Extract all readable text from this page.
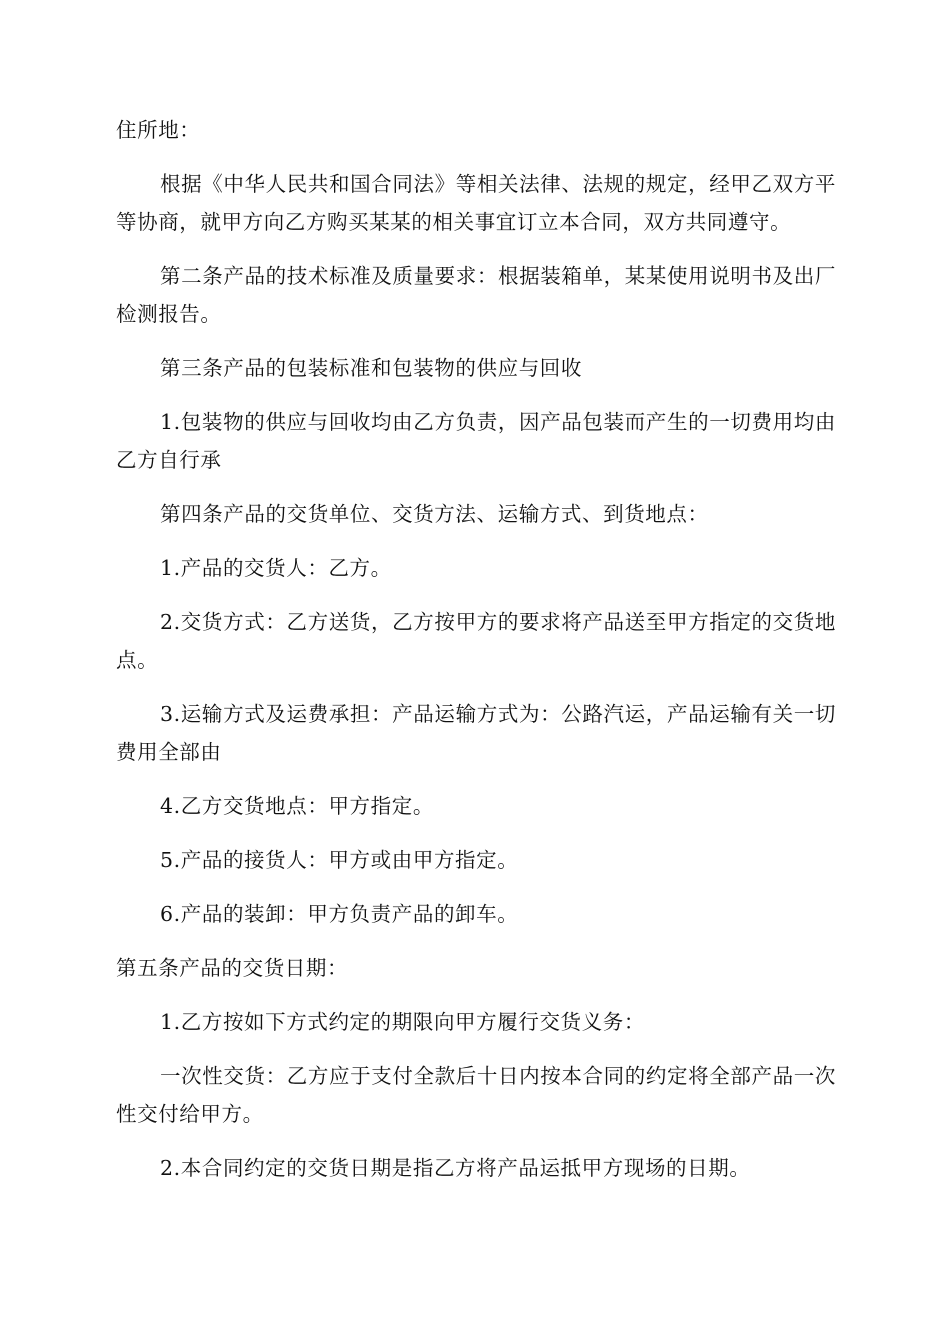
住所地：

根据《中华人民共和国合同法》等相关法律、法规的规定，经甲乙双方平等协商，就甲方向乙方购买某某的相关事宜订立本合同，双方共同遵守。

第二条产品的技术标准及质量要求：根据装箱单，某某使用说明书及出厂检测报告。

第三条产品的包装标准和包装物的供应与回收

1.包装物的供应与回收均由乙方负责，因产品包装而产生的一切费用均由乙方自行承

第四条产品的交货单位、交货方法、运输方式、到货地点：

1.产品的交货人：乙方。

2.交货方式：乙方送货，乙方按甲方的要求将产品送至甲方指定的交货地点。

3.运输方式及运费承担：产品运输方式为：公路汽运，产品运输有关一切费用全部由

4.乙方交货地点：甲方指定。

5.产品的接货人：甲方或由甲方指定。

6.产品的装卸：甲方负责产品的卸车。

第五条产品的交货日期：

1.乙方按如下方式约定的期限向甲方履行交货义务：

一次性交货：乙方应于支付全款后十日内按本合同的约定将全部产品一次性交付给甲方。

2.本合同约定的交货日期是指乙方将产品运抵甲方现场的日期。
